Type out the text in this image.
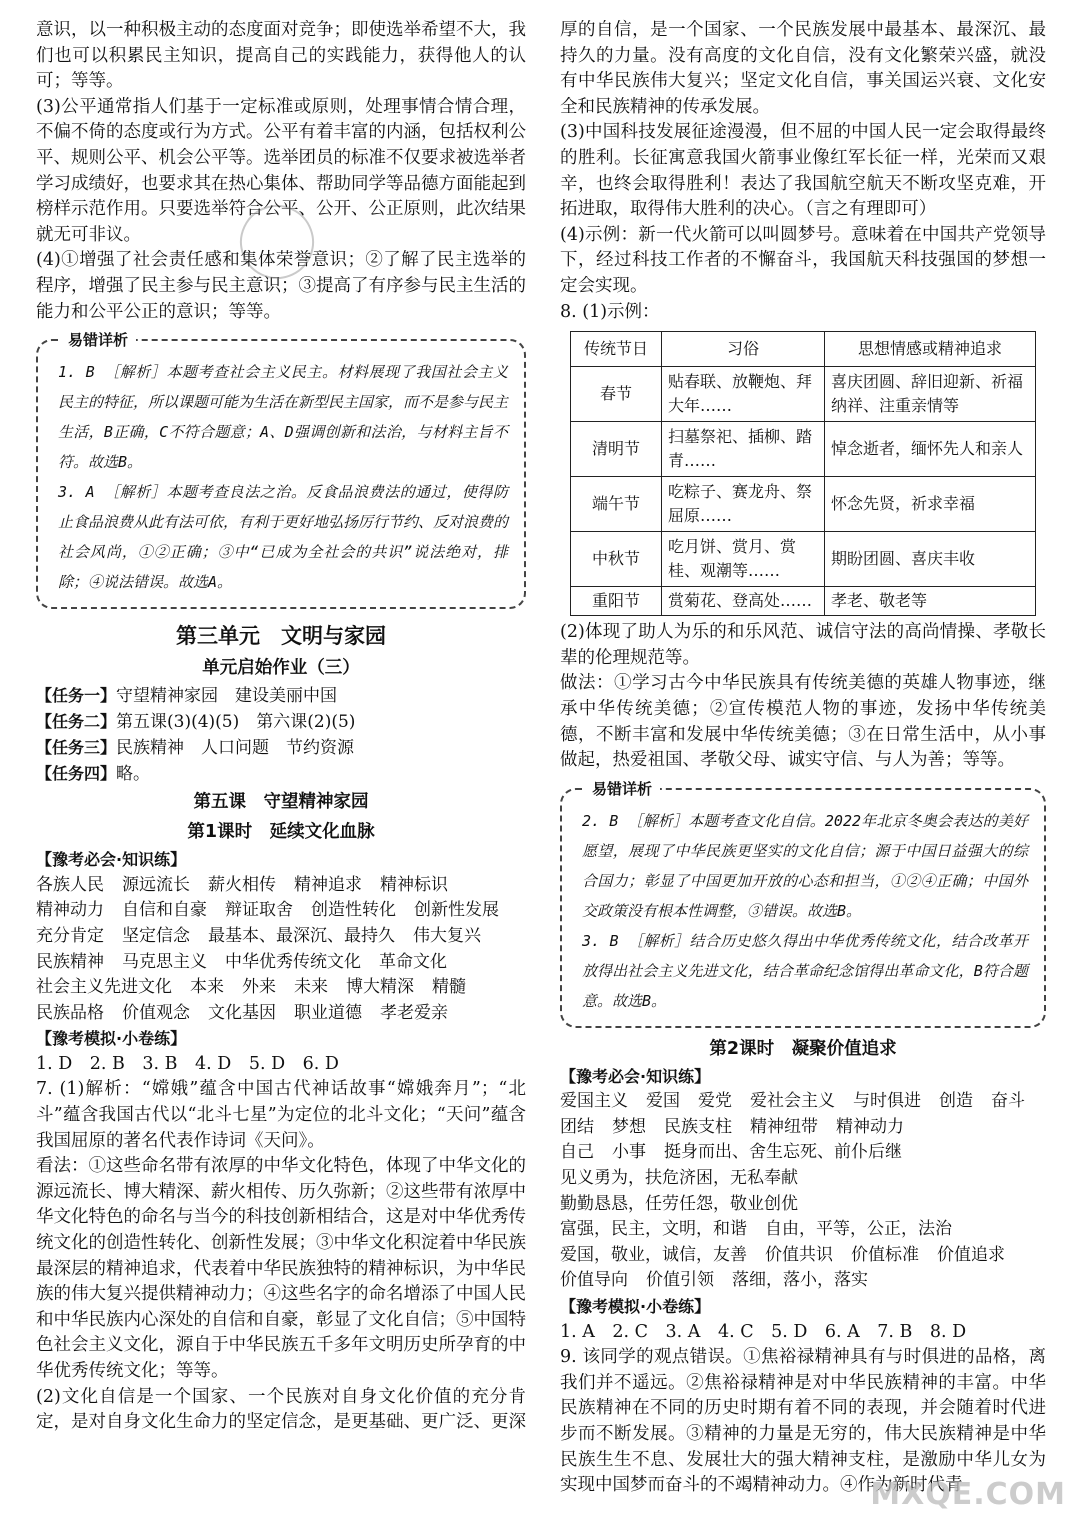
意识，以一种积极主动的态度面对竞争；即使选举希望不大，我们也可以积累民主知识，提高自己的实践能力，获得他人的认可；等等。

(3)公平通常指人们基于一定标准或原则，处理事情合情合理，不偏不倚的态度或行为方式。公平有着丰富的内涵，包括权利公平、规则公平、机会公平等。选举团员的标准不仅要求被选举者学习成绩好，也要求其在热心集体、帮助同学等品德方面能起到榜样示范作用。只要选举符合公平、公开、公正原则，此次结果就无可非议。

(4)①增强了社会责任感和集体荣誉意识；②了解了民主选举的程序，增强了民主参与民主意识；③提高了有序参与民主生活的能力和公平公正的意识；等等。

易错详析

1. B ［解析］本题考查社会主义民主。材料展现了我国社会主义民主的特征，所以课题可能为生活在新型民主国家，而不是参与民主生活，B正确，C不符合题意；A、D强调创新和法治，与材料主旨不符。故选B。

3. A ［解析］本题考查良法之治。反食品浪费法的通过，使得防止食品浪费从此有法可依，有利于更好地弘扬厉行节约、反对浪费的社会风尚，①②正确；③中“已成为全社会的共识”说法绝对，排除；④说法错误。故选A。

第三单元　文明与家园
单元启始作业（三）
【任务一】守望精神家园　建设美丽中国
【任务二】第五课(3)(4)(5)　第六课(2)(5)
【任务三】民族精神　人口问题　节约资源
【任务四】略。
第五课　守望精神家园
第1课时　延续文化血脉

【豫考必会·知识练】

各族人民 源远流长 薪火相传 精神追求 精神标识
精神动力 自信和自豪 辩证取舍 创造性转化 创新性发展
充分肯定 坚定信念 最基本、最深沉、最持久 伟大复兴
民族精神 马克思主义 中华优秀传统文化 革命文化
社会主义先进文化 本来 外来 未来 博大精深 精髓
民族品格 价值观念 文化基因 职业道德 孝老爱亲

【豫考模拟·小卷练】

1. D　2. B　3. B　4. D　5. D　6. D

7. (1)解析：“嫦娥”蕴含中国古代神话故事“嫦娥奔月”；“北斗”蕴含我国古代以“北斗七星”为定位的北斗文化；“天问”蕴含我国屈原的著名代表作诗词《天问》。

看法：①这些命名带有浓厚的中华文化特色，体现了中华文化的源远流长、博大精深、薪火相传、历久弥新；②这些带有浓厚中华文化特色的命名与当今的科技创新相结合，这是对中华优秀传统文化的创造性转化、创新性发展；③中华文化积淀着中华民族最深层的精神追求，代表着中华民族独特的精神标识，为中华民族的伟大复兴提供精神动力；④这些名字的命名增添了中国人民和中华民族内心深处的自信和自豪，彰显了文化自信；⑤中国特色社会主义文化，源自于中华民族五千多年文明历史所孕育的中华优秀传统文化；等等。

(2)文化自信是一个国家、一个民族对自身文化价值的充分肯定，是对自身文化生命力的坚定信念，是更基础、更广泛、更深

厚的自信，是一个国家、一个民族发展中最基本、最深沉、最持久的力量。没有高度的文化自信，没有文化繁荣兴盛，就没有中华民族伟大复兴；坚定文化自信，事关国运兴衰、文化安全和民族精神的传承发展。

(3)中国科技发展征途漫漫，但不屈的中国人民一定会取得最终的胜利。长征寓意我国火箭事业像红军长征一样，光荣而又艰辛，也终会取得胜利！表达了我国航空航天不断攻坚克难，开拓进取，取得伟大胜利的决心。（言之有理即可）

(4)示例：新一代火箭可以叫圆梦号。意味着在中国共产党领导下，经过科技工作者的不懈奋斗，我国航天科技强国的梦想一定会实现。

8. (1)示例：

传统节日	习俗	思想情感或精神追求
春节	贴春联、放鞭炮、拜大年……	喜庆团圆、辞旧迎新、祈福纳祥、注重亲情等
清明节	扫墓祭祀、插柳、踏青……	悼念逝者，缅怀先人和亲人
端午节	吃粽子、赛龙舟、祭屈原……	怀念先贤，祈求幸福
中秋节	吃月饼、赏月、赏桂、观潮等……	期盼团圆、喜庆丰收
重阳节	赏菊花、登高处……	孝老、敬老等

(2)体现了助人为乐的和乐风范、诚信守法的高尚情操、孝敬长辈的伦理规范等。

做法：①学习古今中华民族具有传统美德的英雄人物事迹，继承中华传统美德；②宣传模范人物的事迹，发扬中华传统美德，不断丰富和发展中华传统美德；③在日常生活中，从小事做起，热爱祖国、孝敬父母、诚实守信、与人为善；等等。

易错详析

2. B ［解析］本题考查文化自信。2022年北京冬奥会表达的美好愿望，展现了中华民族更坚实的文化自信；源于中国日益强大的综合国力；彰显了中国更加开放的心态和担当，①②④正确；中国外交政策没有根本性调整，③错误。故选B。

3. B ［解析］结合历史悠久得出中华优秀传统文化，结合改革开放得出社会主义先进文化，结合革命纪念馆得出革命文化，B符合题意。故选B。

第2课时　凝聚价值追求

【豫考必会·知识练】

爱国主义 爱国 爱党 爱社会主义 与时俱进 创造 奋斗
团结 梦想 民族支柱 精神纽带 精神动力
自己 小事 挺身而出、舍生忘死、前仆后继
见义勇为，扶危济困，无私奉献
勤勤恳恳，任劳任怨，敬业创优
富强，民主，文明，和谐 自由，平等，公正，法治
爱国，敬业，诚信，友善 价值共识 价值标准 价值追求
价值导向 价值引领 落细，落小，落实

【豫考模拟·小卷练】

1. A　2. C　3. A　4. C　5. D　6. A　7. B　8. D

9. 该同学的观点错误。①焦裕禄精神具有与时俱进的品格，离我们并不遥远。②焦裕禄精神是对中华民族精神的丰富。中华民族精神在不同的历史时期有着不同的表现，并会随着时代进步而不断发展。③精神的力量是无穷的，伟大民族精神是中华民族生生不息、发展壮大的强大精神支柱，是激励中华儿女为实现中国梦而奋斗的不竭精神动力。④作为新时代青

MXQE.COM
